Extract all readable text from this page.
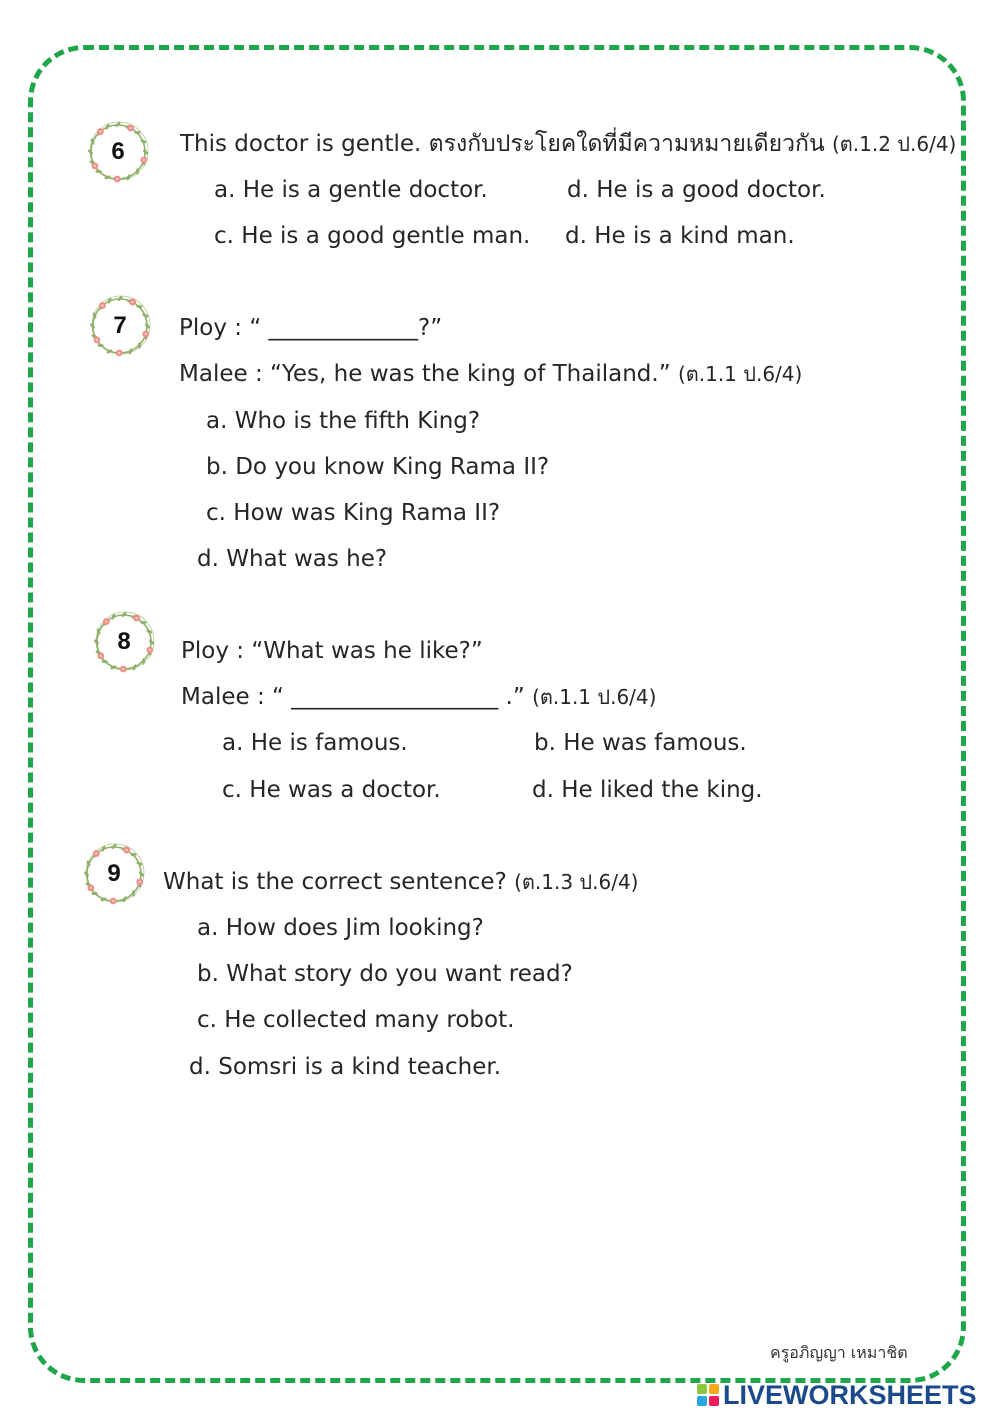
6	This doctor is gentle. ตรงกับประโยคใดที่มีความหมายเดียวกัน (ต.1.2 ป.6/4)
a. He is a gentle doctor.	d. He is a good doctor.
c. He is a good gentle man. d. He is a kind man.
7	Ploy : “ _____________?”
Malee : “Yes, he was the king of Thailand.” (ต.1.1 ป.6/4)
a. Who is the fifth King?
b. Do you know King Rama II?
c. How was King Rama II?
d. What was he?
8	Ploy : “What was he like?”
Malee : “ __________________ .” (ต.1.1 ป.6/4)
a. He is famous.	b. He was famous.
c. He was a doctor.	d. He liked the king.
9	What is the correct sentence? (ต.1.3 ป.6/4)
a. How does Jim looking?
b. What story do you want read?
c. He collected many robot.
d. Somsri is a kind teacher.
ครูอภิญญา เหมาชิต
LIVEWORKSHEETS
